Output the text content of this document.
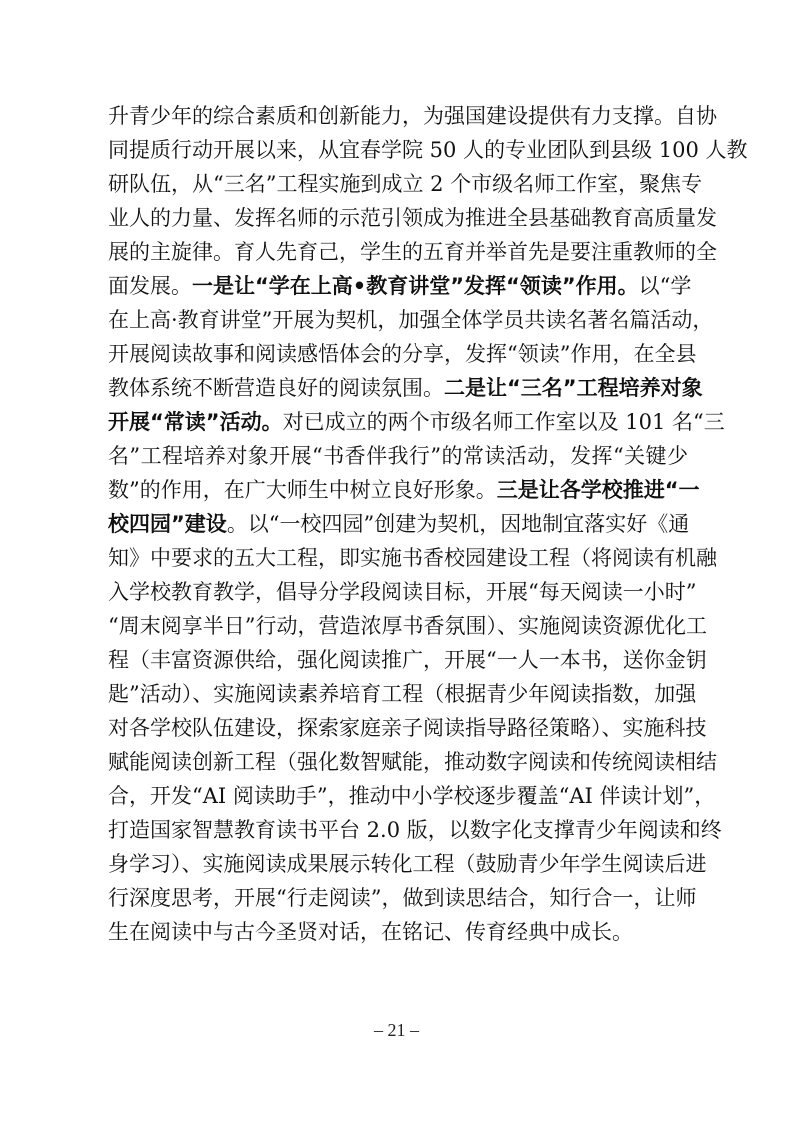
升青少年的综合素质和创新能力，为强国建设提供有力支撑。自协
同提质行动开展以来，从宜春学院 50 人的专业团队到县级 100 人教
研队伍，从“三名”工程实施到成立 2 个市级名师工作室，聚焦专
业人的力量、发挥名师的示范引领成为推进全县基础教育高质量发
展的主旋律。育人先育己，学生的五育并举首先是要注重教师的全
面发展。一是让“学在上高•教育讲堂”发挥“领读”作用。以“学
在上高·教育讲堂”开展为契机，加强全体学员共读名著名篇活动，
开展阅读故事和阅读感悟体会的分享，发挥“领读”作用，在全县
教体系统不断营造良好的阅读氛围。二是让“三名”工程培养对象
开展“常读”活动。对已成立的两个市级名师工作室以及 101 名“三
名”工程培养对象开展“书香伴我行”的常读活动，发挥“关键少
数”的作用，在广大师生中树立良好形象。三是让各学校推进“一
校四园”建设。以“一校四园”创建为契机，因地制宜落实好《通
知》中要求的五大工程，即实施书香校园建设工程（将阅读有机融
入学校教育教学，倡导分学段阅读目标，开展“每天阅读一小时”
“周末阅享半日”行动，营造浓厚书香氛围）、实施阅读资源优化工
程（丰富资源供给，强化阅读推广，开展“一人一本书，送你金钥
匙”活动）、实施阅读素养培育工程（根据青少年阅读指数，加强
对各学校队伍建设，探索家庭亲子阅读指导路径策略）、实施科技
赋能阅读创新工程（强化数智赋能，推动数字阅读和传统阅读相结
合，开发“AI 阅读助手”，推动中小学校逐步覆盖“AI 伴读计划”，
打造国家智慧教育读书平台 2.0 版，以数字化支撑青少年阅读和终
身学习）、实施阅读成果展示转化工程（鼓励青少年学生阅读后进
行深度思考，开展“行走阅读”，做到读思结合，知行合一，让师
生在阅读中与古今圣贤对话，在铭记、传育经典中成长。
– 21 –
